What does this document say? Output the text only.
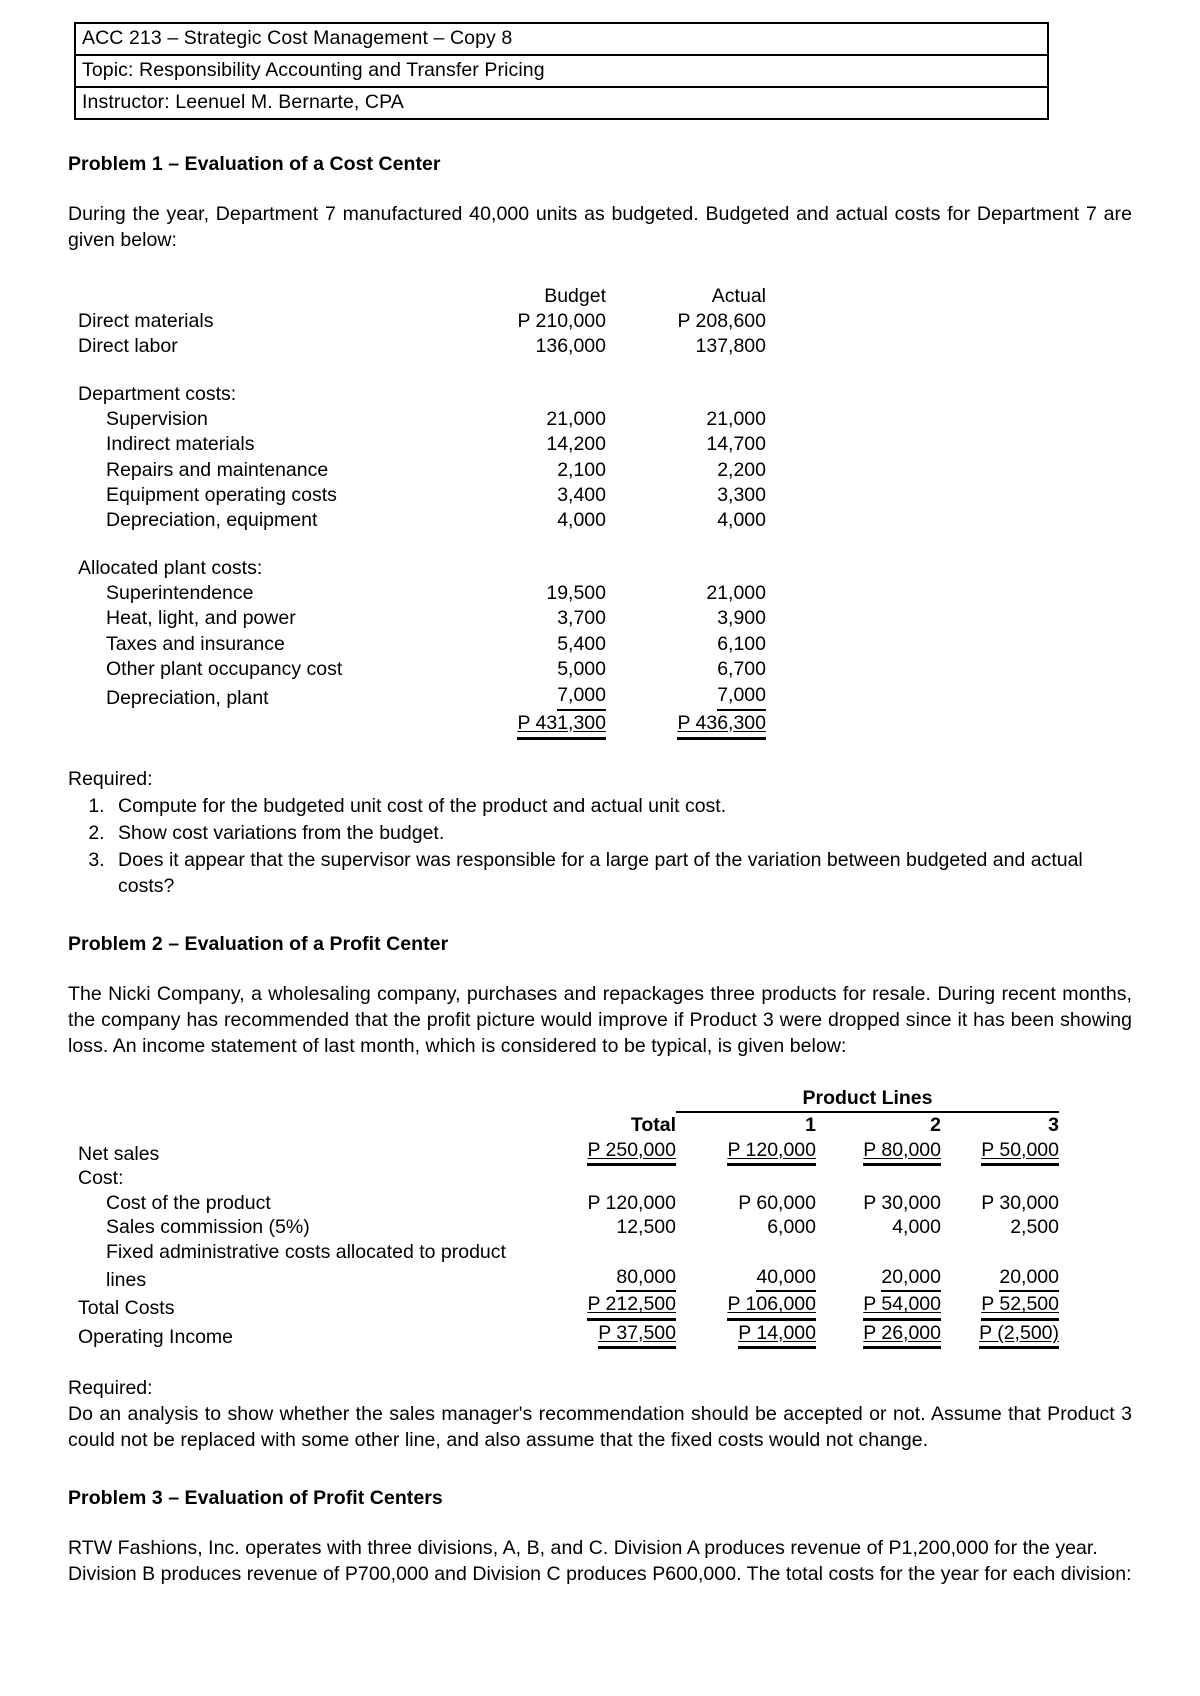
ACC 213 – Strategic Cost Management – Copy 8
Topic: Responsibility Accounting and Transfer Pricing
Instructor: Leenuel M. Bernarte, CPA
Problem 1 – Evaluation of a Cost Center

During the year, Department 7 manufactured 40,000 units as budgeted. Budgeted and actual costs for Department 7 are given below:

	Budget	Actual
Direct materials	P 210,000	P 208,600
Direct labor	136,000	137,800

Department costs:		
Supervision	21,000	21,000
Indirect materials	14,200	14,700
Repairs and maintenance	2,100	2,200
Equipment operating costs	3,400	3,300
Depreciation, equipment	4,000	4,000

Allocated plant costs:		
Superintendence	19,500	21,000
Heat, light, and power	3,700	3,900
Taxes and insurance	5,400	6,100
Other plant occupancy cost	5,000	6,700
Depreciation, plant	7,000	7,000
	P 431,300	P 436,300
Required:
1. Compute for the budgeted unit cost of the product and actual unit cost.
2. Show cost variations from the budget.
3. Does it appear that the supervisor was responsible for a large part of the variation between budgeted and actual costs?
Problem 2 – Evaluation of a Profit Center

The Nicki Company, a wholesaling company, purchases and repackages three products for resale. During recent months, the company has recommended that the profit picture would improve if Product 3 were dropped since it has been showing loss. An income statement of last month, which is considered to be typical, is given below:

		Product Lines		
	Total	1	2	3
Net sales	P 250,000	P 120,000	P 80,000	P 50,000
Cost:				
Cost of the product	P 120,000	P 60,000	P 30,000	P 30,000
Sales commission (5%)	12,500	6,000	4,000	2,500
Fixed administrative costs allocated to product				
lines	80,000	40,000	20,000	20,000
Total Costs	P 212,500	P 106,000	P 54,000	P 52,500
Operating Income	P 37,500	P 14,000	P 26,000	P (2,500)
Required:

Do an analysis to show whether the sales manager's recommendation should be accepted or not. Assume that Product 3 could not be replaced with some other line, and also assume that the fixed costs would not change.

Problem 3 – Evaluation of Profit Centers

RTW Fashions, Inc. operates with three divisions, A, B, and C. Division A produces revenue of P1,200,000 for the year. Division B produces revenue of P700,000 and Division C produces P600,000. The total costs for the year for each division:
